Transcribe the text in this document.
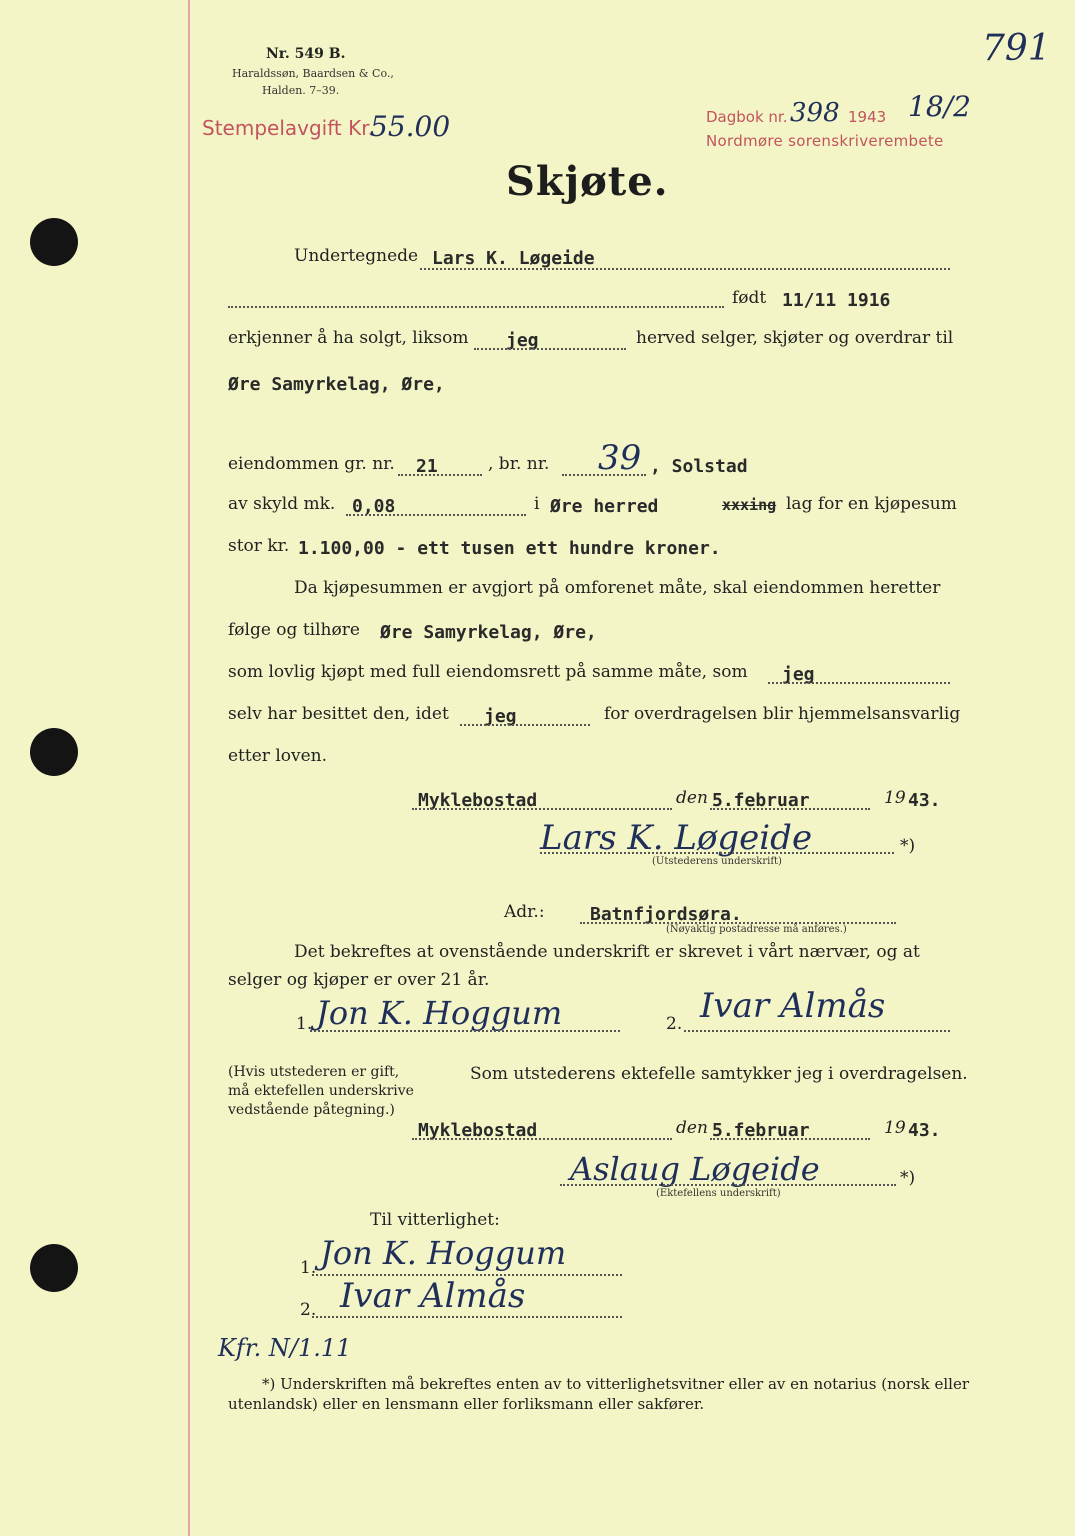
Nr. 549 B.
Haraldssøn, Baardsen & Co.,
Halden. 7–39.
Stempelavgift Kr.
55.00	Dagbok nr. 398 1943 18/2
Nordmøre sorenskriverembete
791
Skjøte.
Undertegnede Lars K. Løgeide
født 11/11 1916
erkjenner å ha solgt, liksom jeg	herved selger, skjøter og overdrar til
Øre Samyrkelag, Øre,
eiendommen gr. nr. 21	, br. nr. 39 , Solstad
av skyld mk. 0,08	i Øre herred	xxxing lag for en kjøpesum
stor kr. 1.100,00 - ett tusen ett hundre kroner.
Da kjøpesummen er avgjort på omforenet måte, skal eiendommen heretter
følge og tilhøre Øre Samyrkelag, Øre,
som lovlig kjøpt med full eiendomsrett på samme måte, som jeg
selv har besittet den, idet jeg	for overdragelsen blir hjemmelsansvarlig
etter loven.
Myklebostad	den 5.februar	19 43.
Lars K. Løgeide
(Utstederens underskrift)
*)
Adr.:	Batnfjordsøra.
(Nøyaktig postadresse må anføres.)
Det bekreftes at ovenstående underskrift er skrevet i vårt nærvær, og at
selger og kjøper er over 21 år.
1. Jon K. Hoggum	2. Ivar Almås
(Hvis utstederen er gift,
må ektefellen underskrive
vedstående påtegning.)
Som utstederens ektefelle samtykker jeg i overdragelsen.
Myklebostad	den 5.februar	19 43.
Aslaug Løgeide
(Ektefellens underskrift)
*)
Til vitterlighet:
1. Jon K. Hoggum
2. Ivar Almås
Kfr. N/1.11
*) Underskriften må bekreftes enten av to vitterlighetsvitner eller av en notarius (norsk eller
utenlandsk) eller en lensmann eller forliksmann eller sakfører.
